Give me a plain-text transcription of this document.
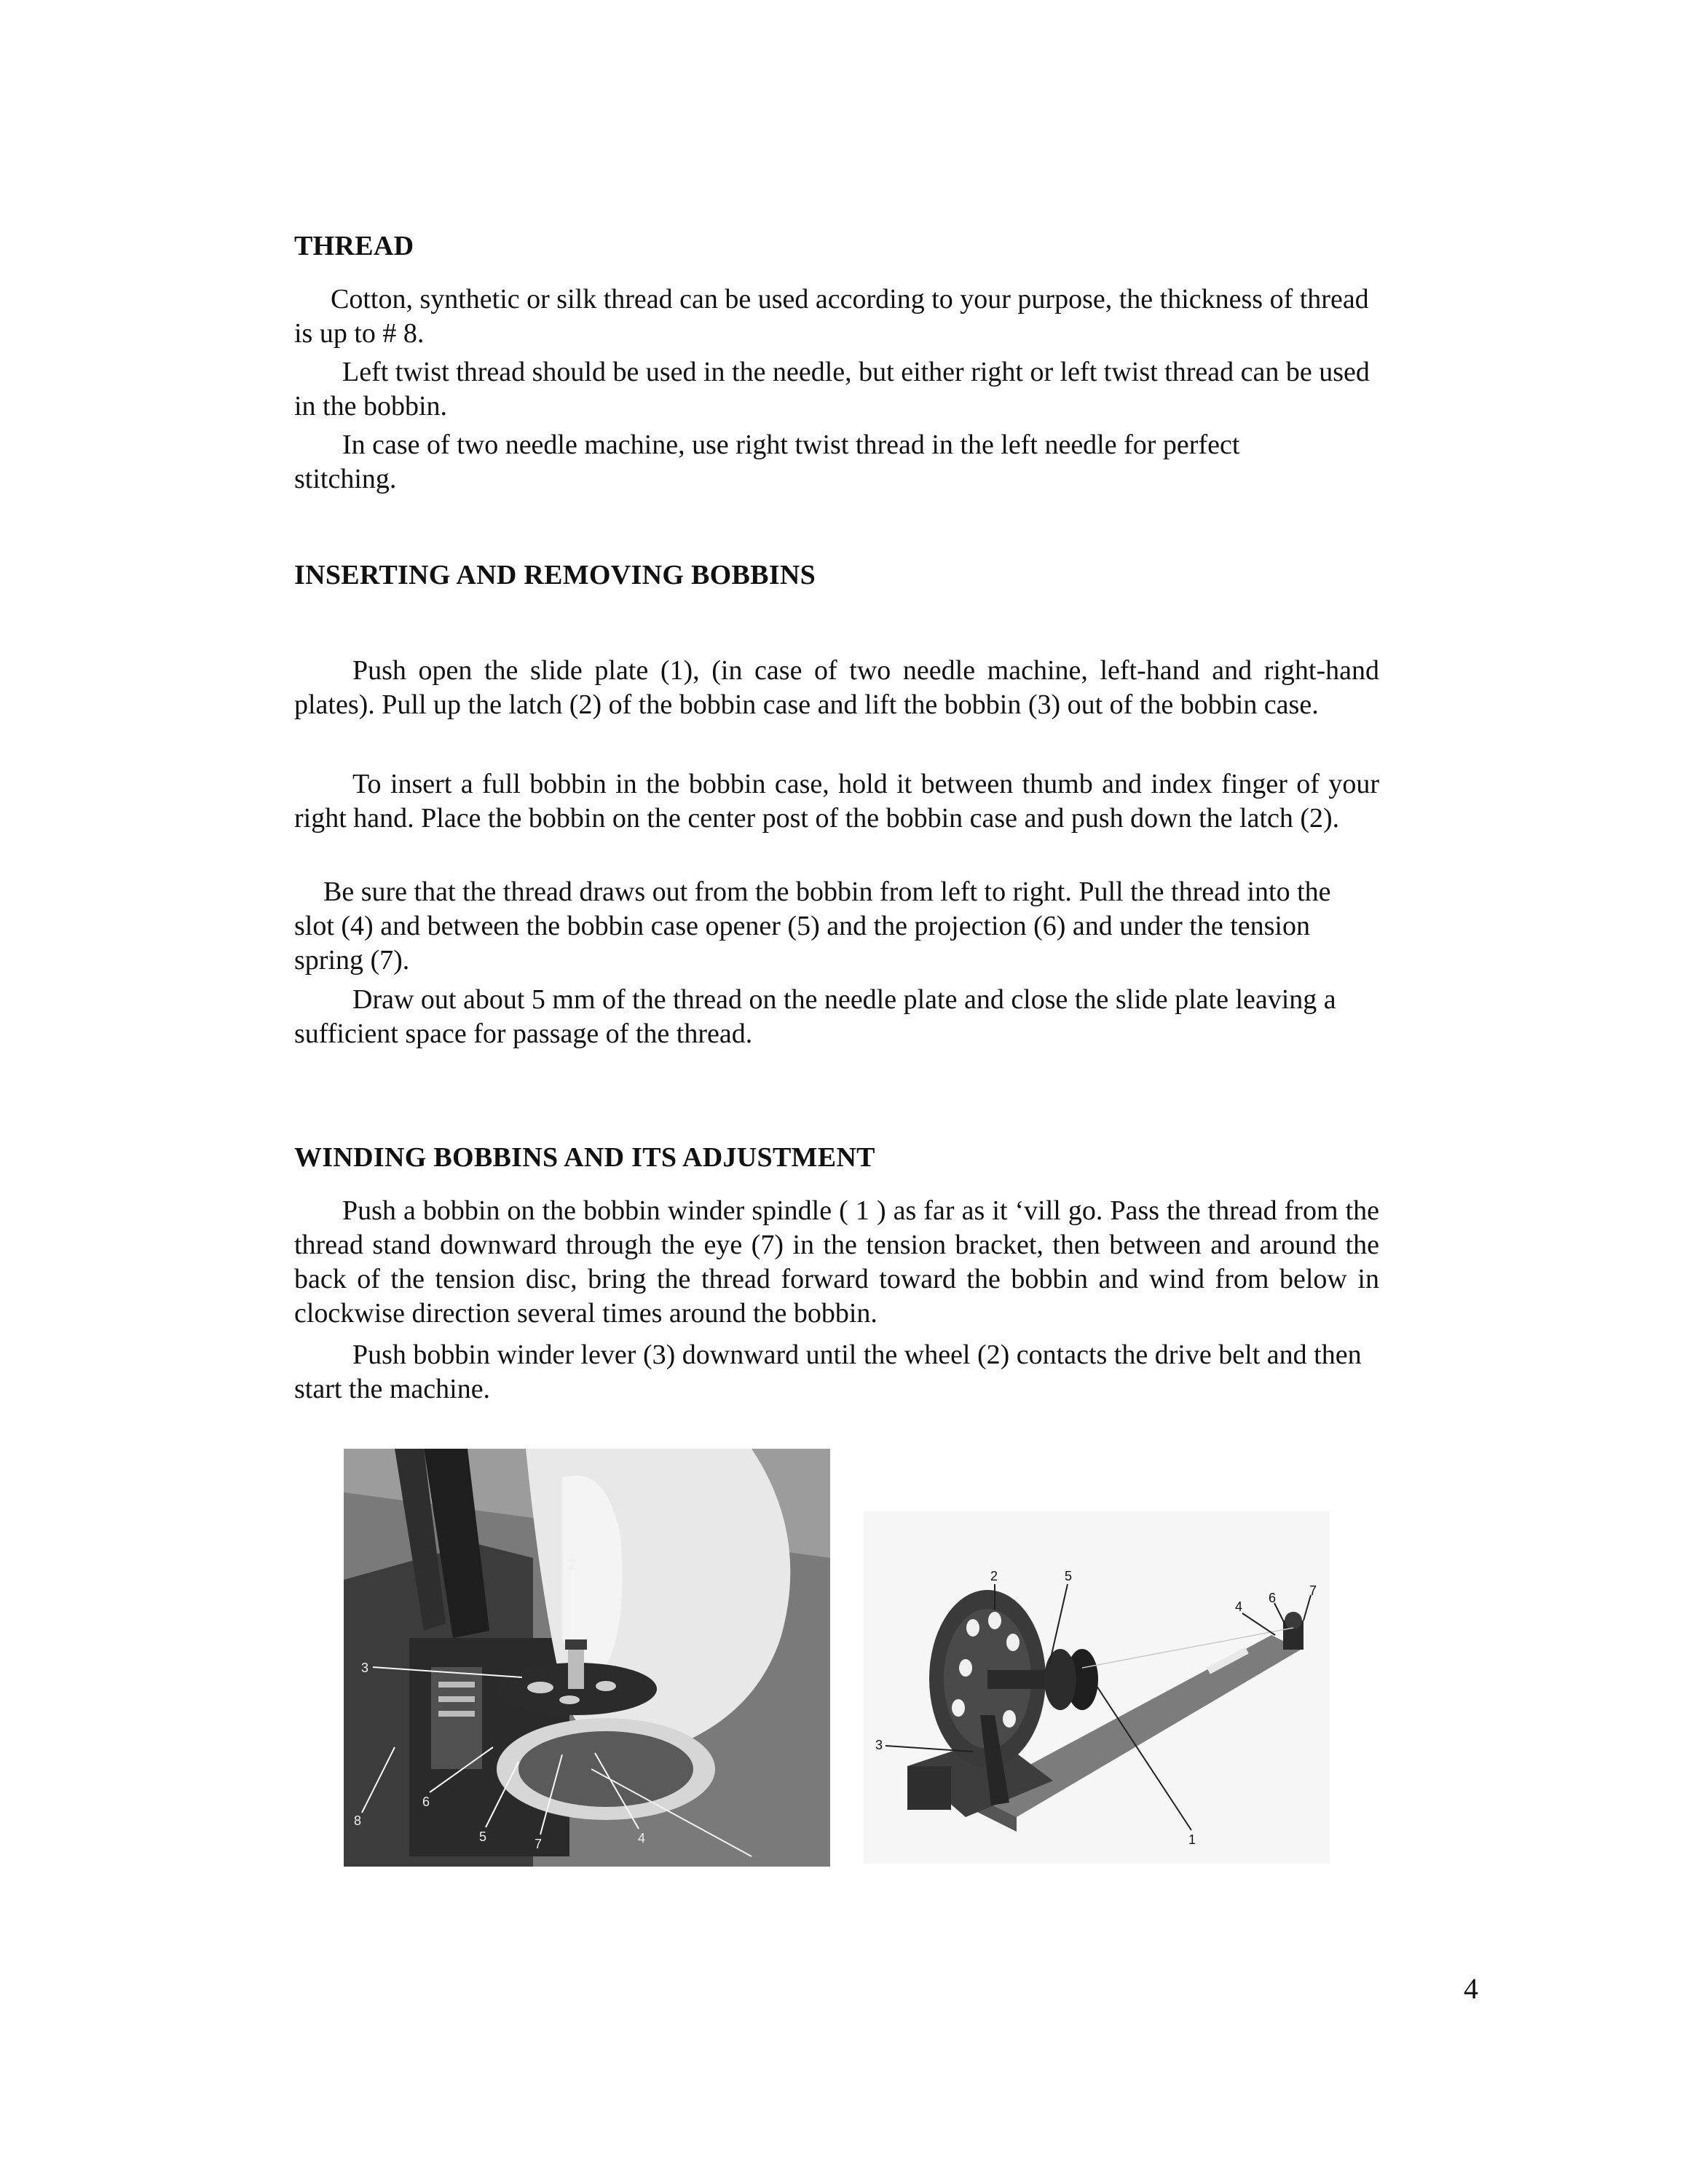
THREAD

Cotton, synthetic or silk thread can be used according to your purpose, the thickness of thread is up to # 8.

Left twist thread should be used in the needle, but either right or left twist thread can be used in the bobbin.

In case of two needle machine, use right twist thread in the left needle for perfect stitching.

INSERTING AND REMOVING BOBBINS

Push open the slide plate (1), (in case of two needle machine, left-hand and right-hand plates). Pull up the latch (2) of the bobbin case and lift the bobbin (3) out of the bobbin case.

To insert a full bobbin in the bobbin case, hold it between thumb and index finger of your right hand. Place the bobbin on the center post of the bobbin case and push down the latch (2).

Be sure that the thread draws out from the bobbin from left to right. Pull the thread into the slot (4) and between the bobbin case opener (5) and the projection (6) and under the tension spring (7).

Draw out about 5 mm of the thread on the needle plate and close the slide plate leaving a sufficient space for passage of the thread.

WINDING BOBBINS AND ITS ADJUSTMENT

Push a bobbin on the bobbin winder spindle ( 1 ) as far as it ‘vill go. Pass the thread from the thread stand downward through the eye (7) in the tension bracket, then between and around the back of the tension disc, bring the thread forward toward the bobbin and wind from below in clockwise direction several times around the bobbin.

Push bobbin winder lever (3) downward until the wheel (2) contacts the drive belt and then start the machine.

2
3
8
6
5	7	4
2	5
4
6	7
3
1

4
